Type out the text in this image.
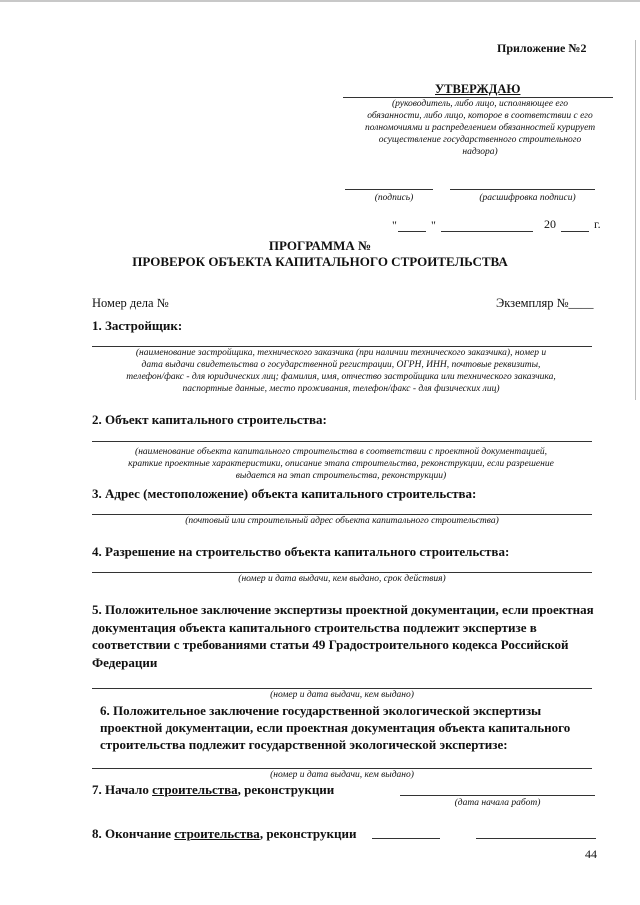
Приложение №2
УТВЕРЖДАЮ
(руководитель, либо лицо, исполняющее его
обязанности, либо лицо, которое в соответствии с его
полномочиями и распределением обязанностей курирует
осуществление государственного строительного
надзора)
(подпись)	(расшифровка подписи)
"	"	20	г.
ПРОГРАММА №
ПРОВЕРОК ОБЪЕКТА КАПИТАЛЬНОГО СТРОИТЕЛЬСТВА
Номер дела №	Экземпляр №____
1. Застройщик:
(наименование застройщика, технического заказчика (при наличии технического заказчика), номер и
дата выдачи свидетельства о государственной регистрации, ОГРН, ИНН, почтовые реквизиты,
телефон/факс - для юридических лиц; фамилия, имя, отчество застройщика или технического заказчика,
паспортные данные, место проживания, телефон/факс - для физических лиц)
2. Объект капитального строительства:
(наименование объекта капитального строительства в соответствии с проектной документацией,
краткие проектные характеристики, описание этапа строительства, реконструкции, если разрешение
выдается на этап строительства, реконструкции)
3. Адрес (местоположение) объекта капитального строительства:
(почтовый или строительный адрес объекта капитального строительства)
4. Разрешение на строительство объекта капитального строительства:
(номер и дата выдачи, кем выдано, срок действия)
5. Положительное заключение экспертизы проектной документации, если проектная
документация объекта капитального строительства подлежит экспертизе в
соответствии с требованиями статьи 49 Градостроительного кодекса Российской
Федерации
(номер и дата выдачи, кем выдано)
6. Положительное заключение государственной экологической экспертизы
проектной документации, если проектная документация объекта капитального
строительства подлежит государственной экологической экспертизе:
(номер и дата выдачи, кем выдано)
7. Начало строительства, реконструкции
(дата начала работ)
8. Окончание строительства, реконструкции
44
